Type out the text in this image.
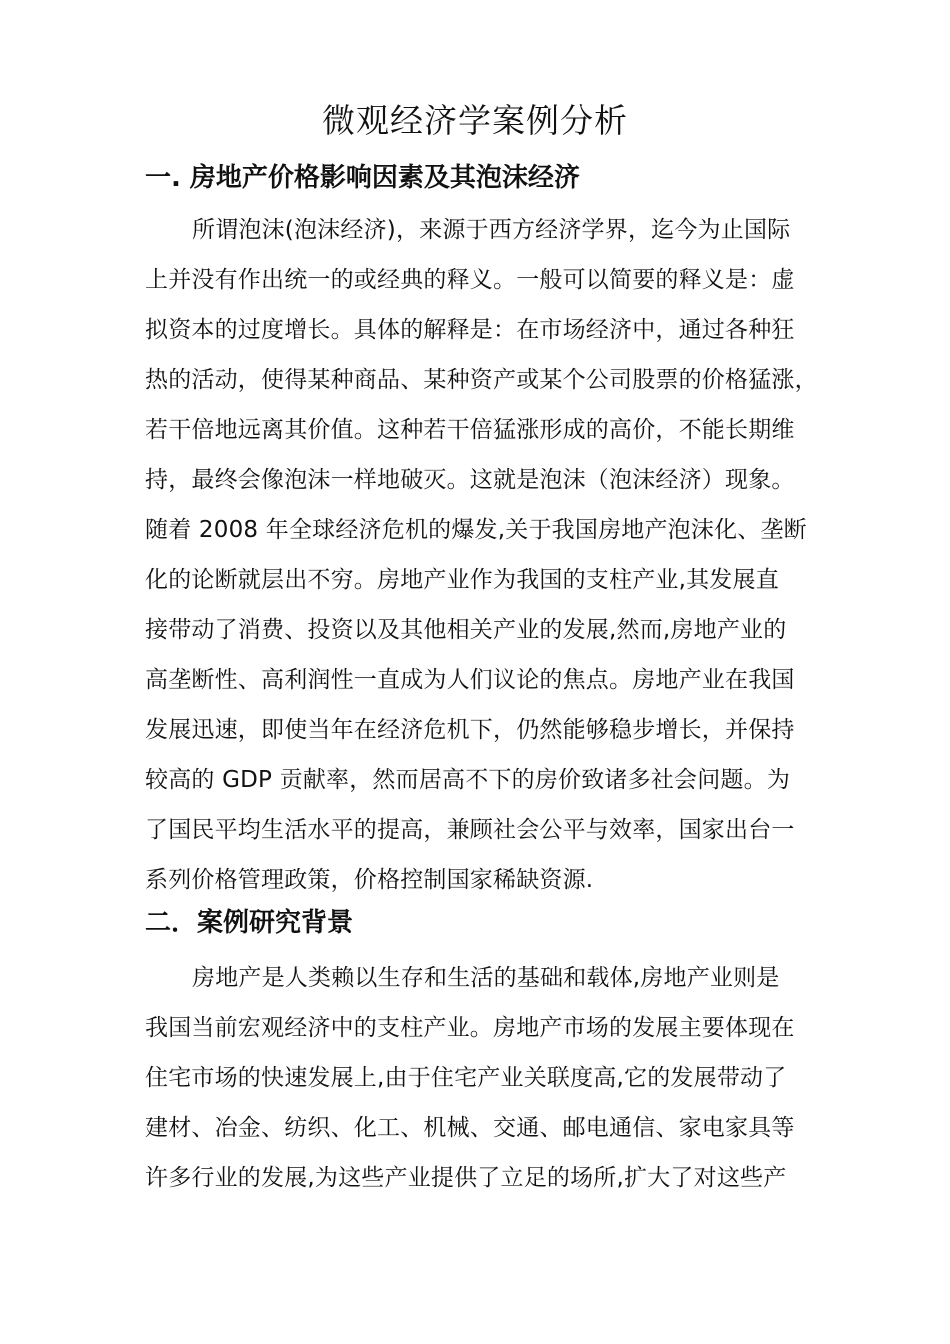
微观经济学案例分析
一. 房地产价格影响因素及其泡沫经济
所谓泡沫(泡沫经济)，来源于西方经济学界，迄今为止国际
上并没有作出统一的或经典的释义。一般可以简要的释义是：虚
拟资本的过度增长。具体的解释是：在市场经济中，通过各种狂
热的活动，使得某种商品、某种资产或某个公司股票的价格猛涨，
若干倍地远离其价值。这种若干倍猛涨形成的高价，不能长期维
持，最终会像泡沫一样地破灭。这就是泡沫（泡沫经济）现象。
随着 2008 年全球经济危机的爆发,关于我国房地产泡沫化、垄断
化的论断就层出不穷。房地产业作为我国的支柱产业,其发展直
接带动了消费、投资以及其他相关产业的发展,然而,房地产业的
高垄断性、高利润性一直成为人们议论的焦点。房地产业在我国
发展迅速，即使当年在经济危机下，仍然能够稳步增长，并保持
较高的 GDP 贡献率，然而居高不下的房价致诸多社会问题。为
了国民平均生活水平的提高，兼顾社会公平与效率，国家出台一
系列价格管理政策，价格控制国家稀缺资源.
二．案例研究背景
房地产是人类赖以生存和生活的基础和载体,房地产业则是
我国当前宏观经济中的支柱产业。房地产市场的发展主要体现在
住宅市场的快速发展上,由于住宅产业关联度高,它的发展带动了
建材、冶金、纺织、化工、机械、交通、邮电通信、家电家具等
许多行业的发展,为这些产业提供了立足的场所,扩大了对这些产
